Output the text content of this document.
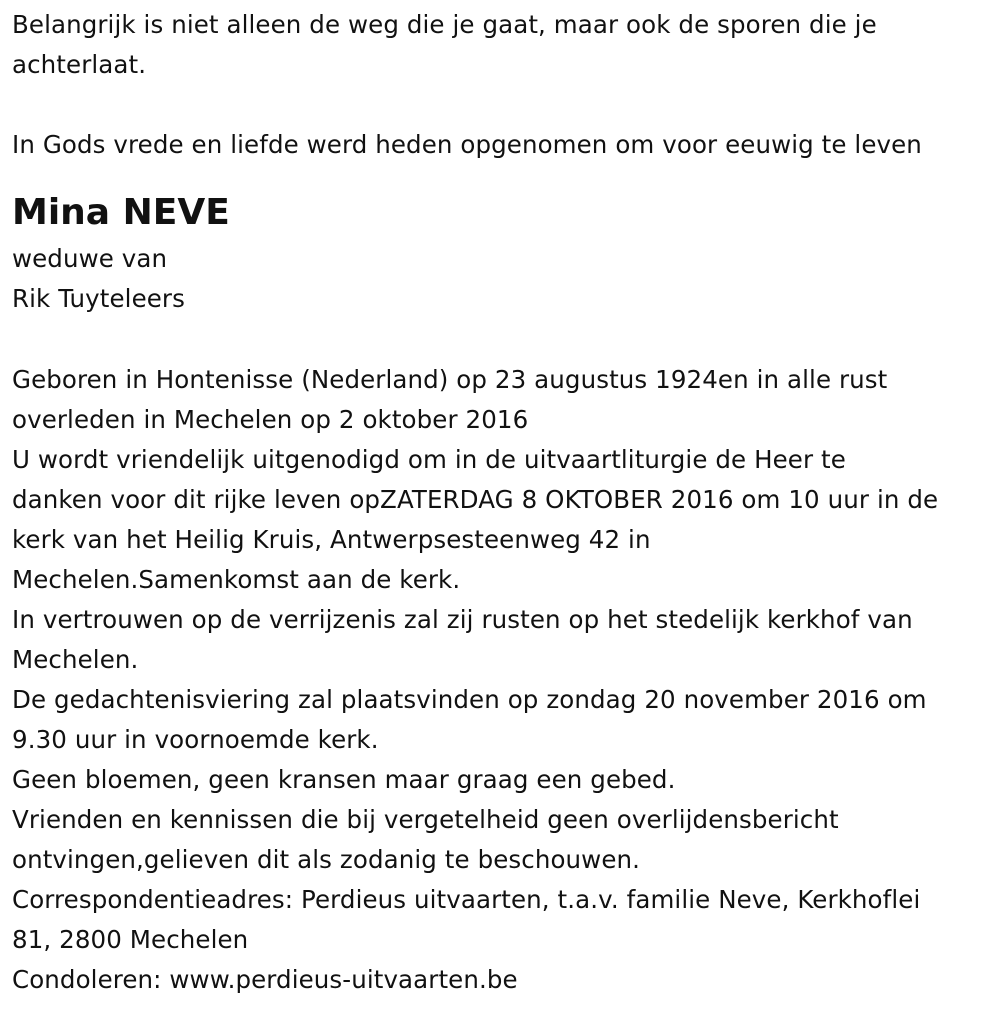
Belangrijk is niet alleen de weg die je gaat, maar ook de sporen die je
achterlaat.
In Gods vrede en liefde werd heden opgenomen om voor eeuwig te leven
Mina NEVE
weduwe van
Rik Tuyteleers
Geboren in Hontenisse (Nederland) op 23 augustus 1924en in alle rust
overleden in Mechelen op 2 oktober 2016
U wordt vriendelijk uitgenodigd om in de uitvaartliturgie de Heer te
danken voor dit rijke leven opZATERDAG 8 OKTOBER 2016 om 10 uur in de
kerk van het Heilig Kruis, Antwerpsesteenweg 42 in
Mechelen.Samenkomst aan de kerk.
In vertrouwen op de verrijzenis zal zij rusten op het stedelijk kerkhof van
Mechelen.
De gedachtenisviering zal plaatsvinden op zondag 20 november 2016 om
9.30 uur in voornoemde kerk.
Geen bloemen, geen kransen maar graag een gebed.
Vrienden en kennissen die bij vergetelheid geen overlijdensbericht
ontvingen,gelieven dit als zodanig te beschouwen.
Correspondentieadres: Perdieus uitvaarten, t.a.v. familie Neve, Kerkhoflei
81, 2800 Mechelen
Condoleren: www.perdieus-uitvaarten.be
